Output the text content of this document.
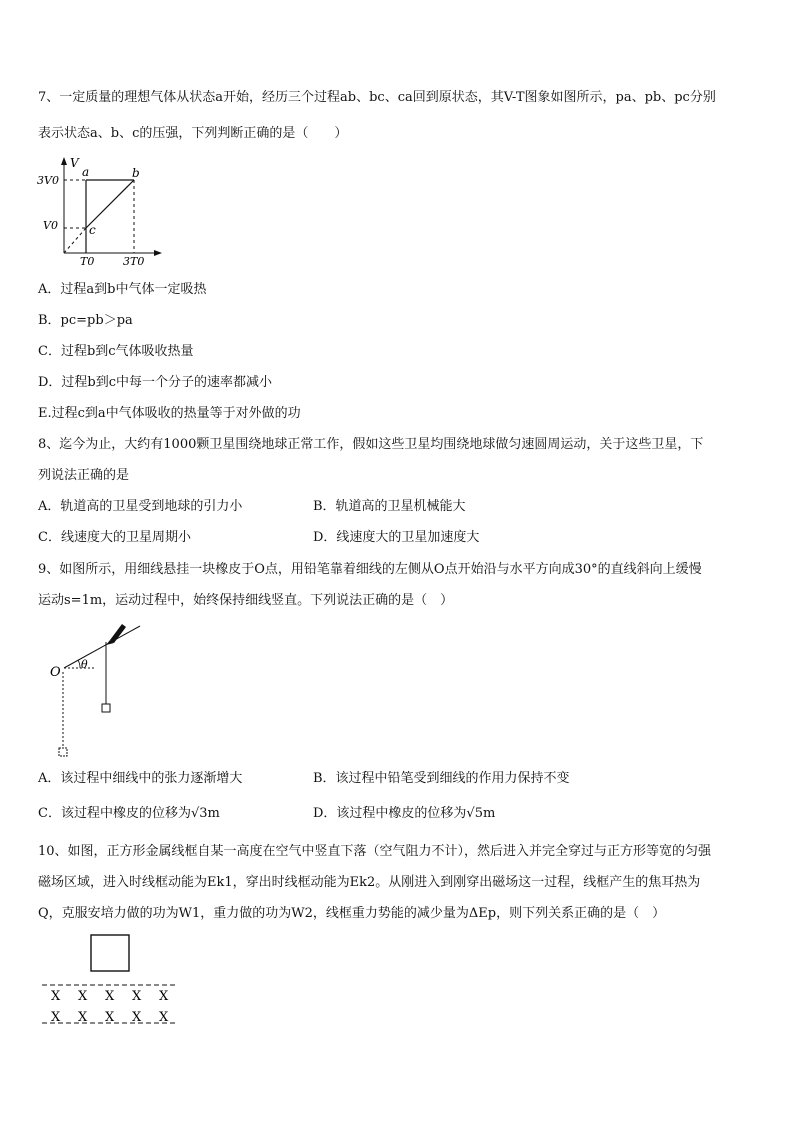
7、一定质量的理想气体从状态a开始，经历三个过程ab、bc、ca回到原状态，其V-T图象如图所示，pa、pb、pc分别
表示状态a、b、c的压强，下列判断正确的是（　　）
V
3V0
V0
T0	3T0
a	b
c
A．过程a到b中气体一定吸热
B．pc=pb＞pa
C．过程b到c气体吸收热量
D．过程b到c中每一个分子的速率都减小
E.过程c到a中气体吸收的热量等于对外做的功
8、迄今为止，大约有1000颗卫星围绕地球正常工作，假如这些卫星均围绕地球做匀速圆周运动，关于这些卫星，下
列说法正确的是
A．轨道高的卫星受到地球的引力小	B．轨道高的卫星机械能大
C．线速度大的卫星周期小	D．线速度大的卫星加速度大
9、如图所示，用细线悬挂一块橡皮于O点，用铅笔靠着细线的左侧从O点开始沿与水平方向成30°的直线斜向上缓慢
运动s=1m，运动过程中，始终保持细线竖直。下列说法正确的是（　）
θ
O
A．该过程中细线中的张力逐渐增大	B．该过程中铅笔受到细线的作用力保持不变
C．该过程中橡皮的位移为√3m	D．该过程中橡皮的位移为√5m
10、如图，正方形金属线框自某一高度在空气中竖直下落（空气阻力不计），然后进入并完全穿过与正方形等宽的匀强
磁场区域，进入时线框动能为Ek1，穿出时线框动能为Ek2。从刚进入到刚穿出磁场这一过程，线框产生的焦耳热为
Q，克服安培力做的功为W1，重力做的功为W2，线框重力势能的减少量为ΔEp，则下列关系正确的是（　）
X X X X X
X X X X X
